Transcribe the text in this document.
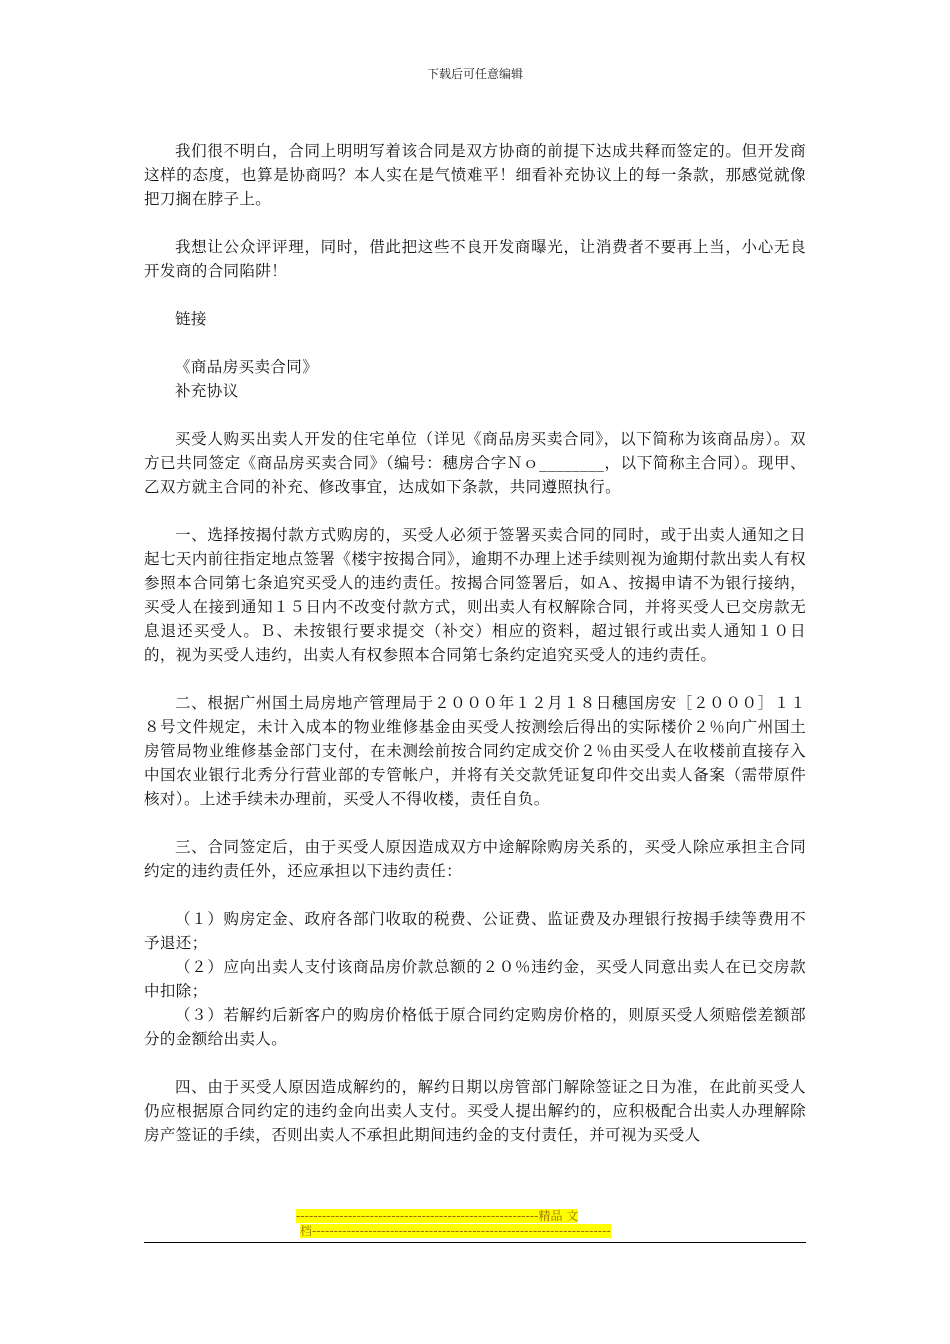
下载后可任意编辑

我们很不明白，合同上明明写着该合同是双方协商的前提下达成共释而签定的。但开发商这样的态度，也算是协商吗？本人实在是气愤难平！细看补充协议上的每一条款，那感觉就像把刀搁在脖子上。

我想让公众评评理，同时，借此把这些不良开发商曝光，让消费者不要再上当，小心无良开发商的合同陷阱！

链接

《商品房买卖合同》

补充协议

买受人购买出卖人开发的住宅单位（详见《商品房买卖合同》，以下简称为该商品房）。双方已共同签定《商品房买卖合同》（编号：穗房合字Ｎｏ________，以下简称主合同）。现甲、乙双方就主合同的补充、修改事宜，达成如下条款，共同遵照执行。

一、选择按揭付款方式购房的，买受人必须于签署买卖合同的同时，或于出卖人通知之日起七天内前往指定地点签署《楼宇按揭合同》，逾期不办理上述手续则视为逾期付款出卖人有权参照本合同第七条追究买受人的违约责任。按揭合同签署后，如Ａ、按揭申请不为银行接纳，买受人在接到通知１５日内不改变付款方式，则出卖人有权解除合同，并将买受人已交房款无息退还买受人。Ｂ、未按银行要求提交（补交）相应的资料，超过银行或出卖人通知１０日的，视为买受人违约，出卖人有权参照本合同第七条约定追究买受人的违约责任。

二、根据广州国土局房地产管理局于２０００年１２月１８日穗国房安［２０００］１１８号文件规定，未计入成本的物业维修基金由买受人按测绘后得出的实际楼价２％向广州国土房管局物业维修基金部门支付，在未测绘前按合同约定成交价２％由买受人在收楼前直接存入中国农业银行北秀分行营业部的专管帐户，并将有关交款凭证复印件交出卖人备案（需带原件核对）。上述手续未办理前，买受人不得收楼，责任自负。

三、合同签定后，由于买受人原因造成双方中途解除购房关系的，买受人除应承担主合同约定的违约责任外，还应承担以下违约责任：

（１）购房定金、政府各部门收取的税费、公证费、监证费及办理银行按揭手续等费用不予退还；

（２）应向出卖人支付该商品房价款总额的２０％违约金，买受人同意出卖人在已交房款中扣除；

（３）若解约后新客户的购房价格低于原合同约定购房价格的，则原买受人须赔偿差额部分的金额给出卖人。

四、由于买受人原因造成解约的，解约日期以房管部门解除签证之日为准，在此前买受人仍应根据原合同约定的违约金向出卖人支付。买受人提出解约的，应积极配合出卖人办理解除房产签证的手续，否则出卖人不承担此期间违约金的支付责任，并可视为买受人

--------------------------------------------------------精品 文
档---------------------------------------------------------------------
